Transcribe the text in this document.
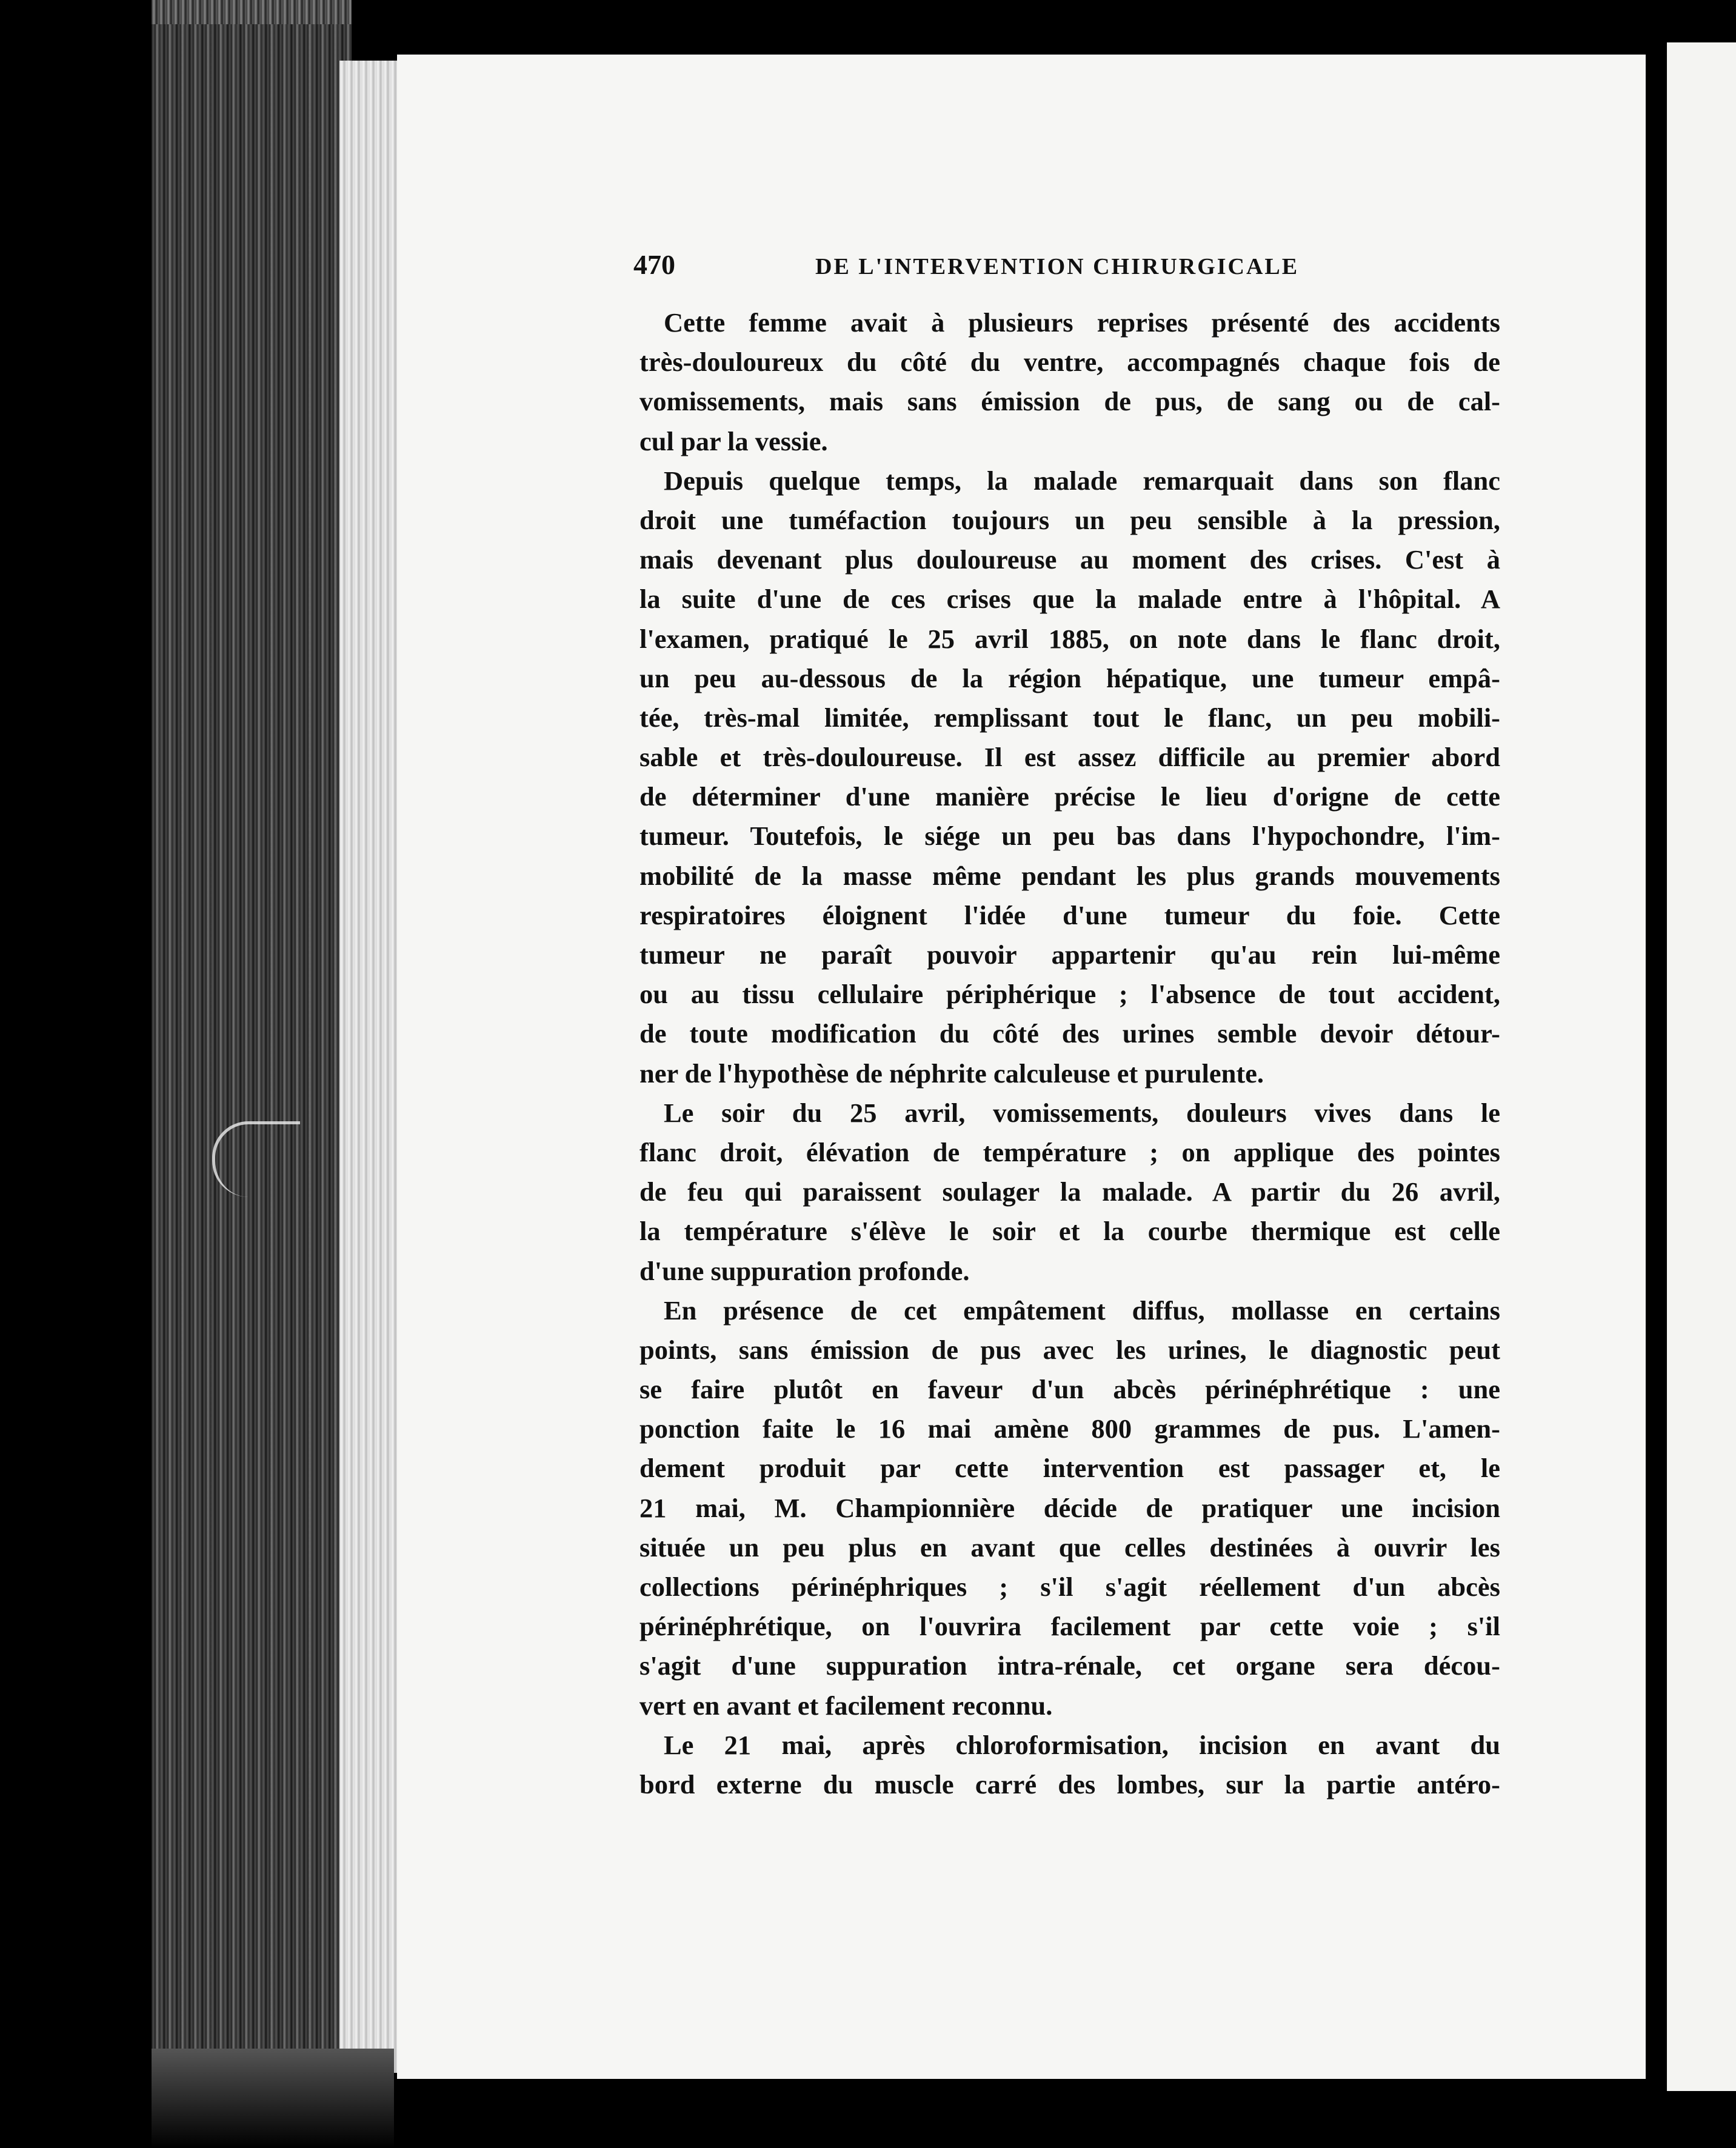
470	DE L'INTERVENTION CHIRURGICALE
Cette femme avait à plusieurs reprises présenté des accidents
très-douloureux du côté du ventre, accompagnés chaque fois de
vomissements, mais sans émission de pus, de sang ou de cal-
cul par la vessie.
Depuis quelque temps, la malade remarquait dans son flanc
droit une tuméfaction toujours un peu sensible à la pression,
mais devenant plus douloureuse au moment des crises. C'est à
la suite d'une de ces crises que la malade entre à l'hôpital. A
l'examen, pratiqué le 25 avril 1885, on note dans le flanc droit,
un peu au-dessous de la région hépatique, une tumeur empâ-
tée, très-mal limitée, remplissant tout le flanc, un peu mobili-
sable et très-douloureuse. Il est assez difficile au premier abord
de déterminer d'une manière précise le lieu d'origne de cette
tumeur. Toutefois, le siége un peu bas dans l'hypochondre, l'im-
mobilité de la masse même pendant les plus grands mouvements
respiratoires éloignent l'idée d'une tumeur du foie. Cette
tumeur ne paraît pouvoir appartenir qu'au rein lui-même
ou au tissu cellulaire périphérique ; l'absence de tout accident,
de toute modification du côté des urines semble devoir détour-
ner de l'hypothèse de néphrite calculeuse et purulente.
Le soir du 25 avril, vomissements, douleurs vives dans le
flanc droit, élévation de température ; on applique des pointes
de feu qui paraissent soulager la malade. A partir du 26 avril,
la température s'élève le soir et la courbe thermique est celle
d'une suppuration profonde.
En présence de cet empâtement diffus, mollasse en certains
points, sans émission de pus avec les urines, le diagnostic peut
se faire plutôt en faveur d'un abcès périnéphrétique : une
ponction faite le 16 mai amène 800 grammes de pus. L'amen-
dement produit par cette intervention est passager et, le
21 mai, M. Championnière décide de pratiquer une incision
située un peu plus en avant que celles destinées à ouvrir les
collections périnéphriques ; s'il s'agit réellement d'un abcès
périnéphrétique, on l'ouvrira facilement par cette voie ; s'il
s'agit d'une suppuration intra-rénale, cet organe sera décou-
vert en avant et facilement reconnu.
Le 21 mai, après chloroformisation, incision en avant du
bord externe du muscle carré des lombes, sur la partie antéro-
